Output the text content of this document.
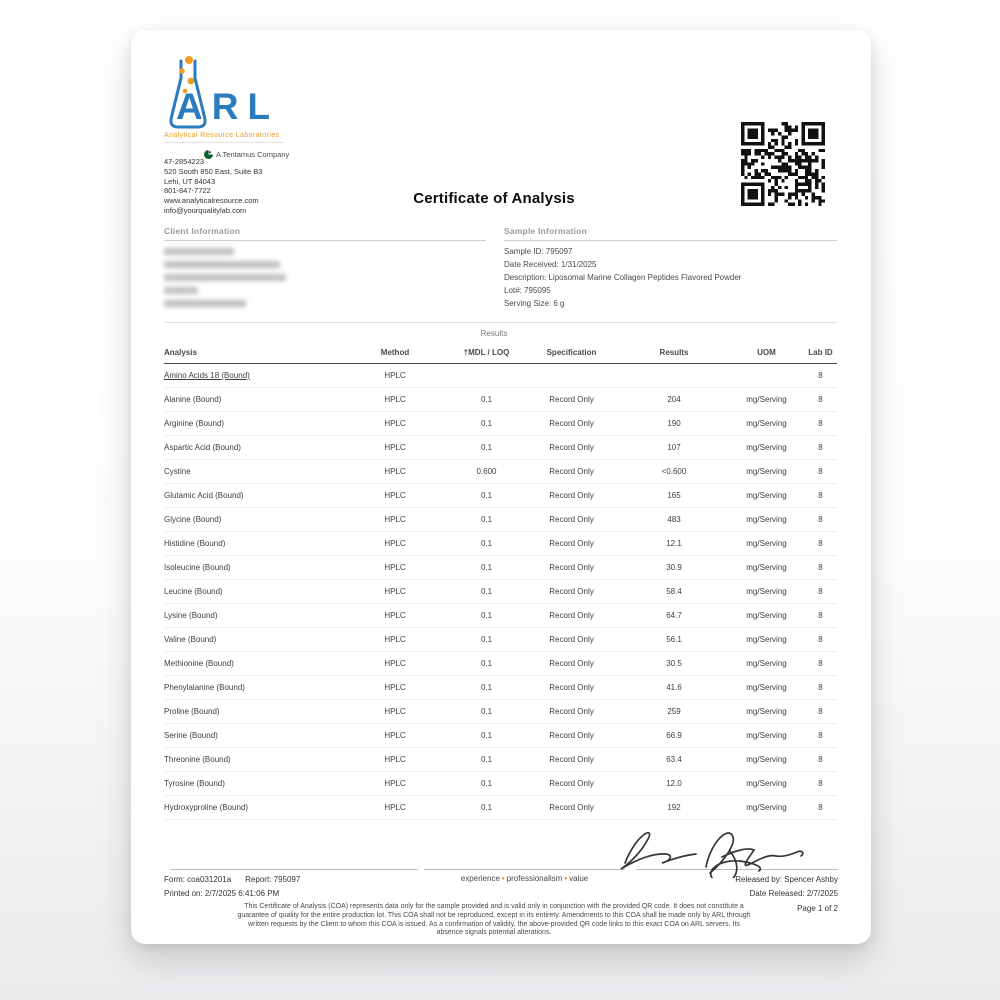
ARL
Analytical Resource Laboratories
A Tentamus Company
47-2854223
520 South 850 East, Suite B3
Lehi, UT 84043
801-847-7722
www.analyticalresource.com
info@yourqualitylab.com
Certificate of Analysis
Client Information	Sample Information
Sample ID: 795097
Date Received: 1/31/2025
Description: Liposomal Marine Collagen Peptides Flavored Powder
Lot#: 795095
Serving Size: 6 g
Results
Analysis	Method	†MDL / LOQ	Specification	Results	UOM	Lab ID
Amino Acids 18 (Bound)	HPLC					8
Alanine (Bound)	HPLC	0.1	Record Only	204	mg/Serving	8
Arginine (Bound)	HPLC	0.1	Record Only	190	mg/Serving	8
Aspartic Acid (Bound)	HPLC	0.1	Record Only	107	mg/Serving	8
Cystine	HPLC	0.600	Record Only	<0.600	mg/Serving	8
Glutamic Acid (Bound)	HPLC	0.1	Record Only	165	mg/Serving	8
Glycine (Bound)	HPLC	0.1	Record Only	483	mg/Serving	8
Histidine (Bound)	HPLC	0.1	Record Only	12.1	mg/Serving	8
Isoleucine (Bound)	HPLC	0.1	Record Only	30.9	mg/Serving	8
Leucine (Bound)	HPLC	0.1	Record Only	58.4	mg/Serving	8
Lysine (Bound)	HPLC	0.1	Record Only	64.7	mg/Serving	8
Valine (Bound)	HPLC	0.1	Record Only	56.1	mg/Serving	8
Methionine (Bound)	HPLC	0.1	Record Only	30.5	mg/Serving	8
Phenylalanine (Bound)	HPLC	0.1	Record Only	41.6	mg/Serving	8
Proline (Bound)	HPLC	0.1	Record Only	259	mg/Serving	8
Serine (Bound)	HPLC	0.1	Record Only	66.9	mg/Serving	8
Threonine (Bound)	HPLC	0.1	Record Only	63.4	mg/Serving	8
Tyrosine (Bound)	HPLC	0.1	Record Only	12.0	mg/Serving	8
Hydroxyproline (Bound)	HPLC	0.1	Record Only	192	mg/Serving	8
Form: coa031201a Report: 795097
Printed on: 2/7/2025 6:41:06 PM
experience • professionalism • value	Released by: Spencer Ashby
Date Released: 2/7/2025
This Certificate of Analysis (COA) represents data only for the sample provided and is valid only in conjunction with the provided QR code. It does not constitute a guarantee of quality for the entire production lot. This COA shall not be reproduced, except in its entirety. Amendments to this COA shall be made only by ARL through written requests by the Client to whom this COA is issued. As a confirmation of validity, the above-provided QR code links to this exact COA on ARL servers. Its absence signals potential alterations.
Page 1 of 2
